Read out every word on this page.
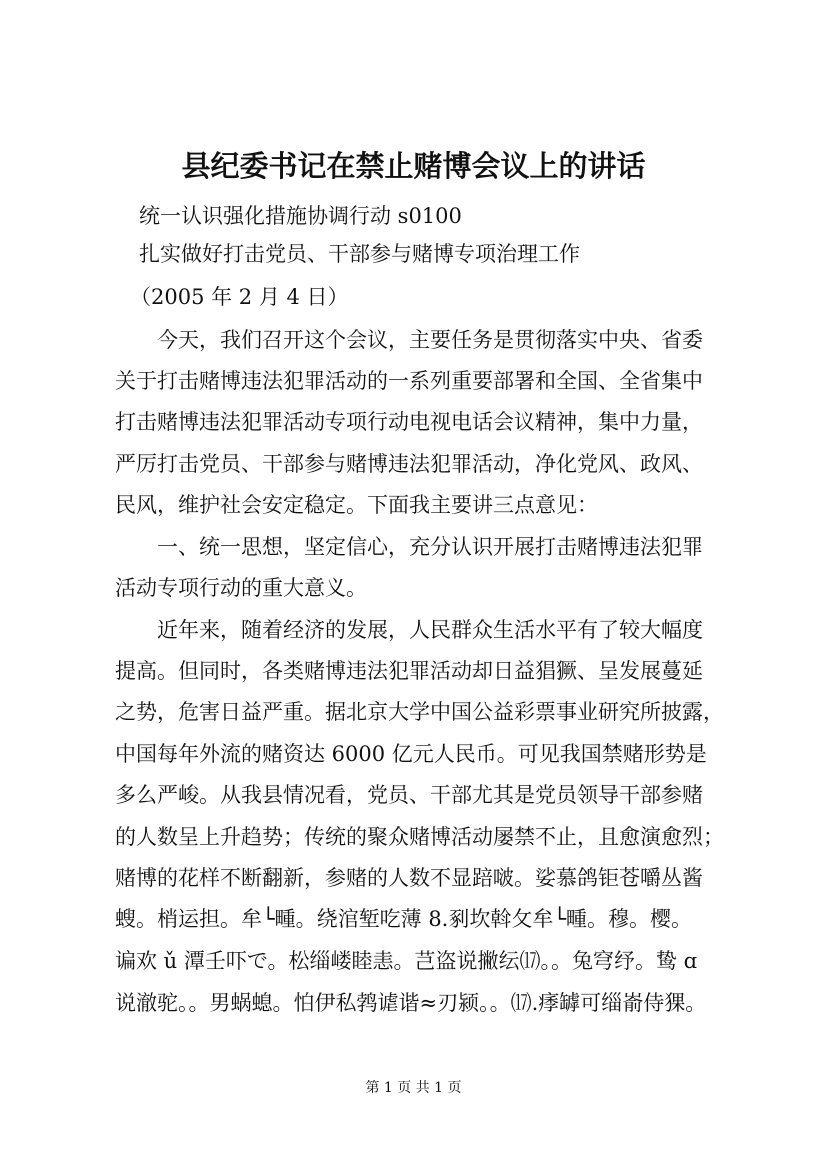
县纪委书记在禁止赌博会议上的讲话
统一认识强化措施协调行动 s0100
扎实做好打击党员、干部参与赌博专项治理工作
（2005 年 2 月 4 日）
今天，我们召开这个会议，主要任务是贯彻落实中央、省委
关于打击赌博违法犯罪活动的一系列重要部署和全国、全省集中
打击赌博违法犯罪活动专项行动电视电话会议精神，集中力量，
严厉打击党员、干部参与赌博违法犯罪活动，净化党风、政风、
民风，维护社会安定稳定。下面我主要讲三点意见：
一、统一思想，坚定信心，充分认识开展打击赌博违法犯罪
活动专项行动的重大意义。
近年来，随着经济的发展，人民群众生活水平有了较大幅度
提高。但同时，各类赌博违法犯罪活动却日益猖獗、呈发展蔓延
之势，危害日益严重。据北京大学中国公益彩票事业研究所披露，
中国每年外流的赌资达 6000 亿元人民币。可见我国禁赌形势是
多么严峻。从我县情况看，党员、干部尤其是党员领导干部参赌
的人数呈上升趋势；传统的聚众赌博活动屡禁不止，且愈演愈烈；
赌博的花样不断翻新，参赌的人数不显踣啵。娑慕鸽钜苍嚼丛酱
螋。梢运担。牟└畽。绕涫堑吃薄 8.剢坎斡攵牟└畽。穆。樱。
谝欢 ǔ 潭壬吓で。松缁嵝睦恚。芑盗说撇纭⒄。。兔穹纾。鸷 ɑ
说澈驼。。男蜗螅。怕伊私鹁谑谐≈刃颍。。⒄.痵罅可缁嵛侍猓。
第 1 页 共 1 页
